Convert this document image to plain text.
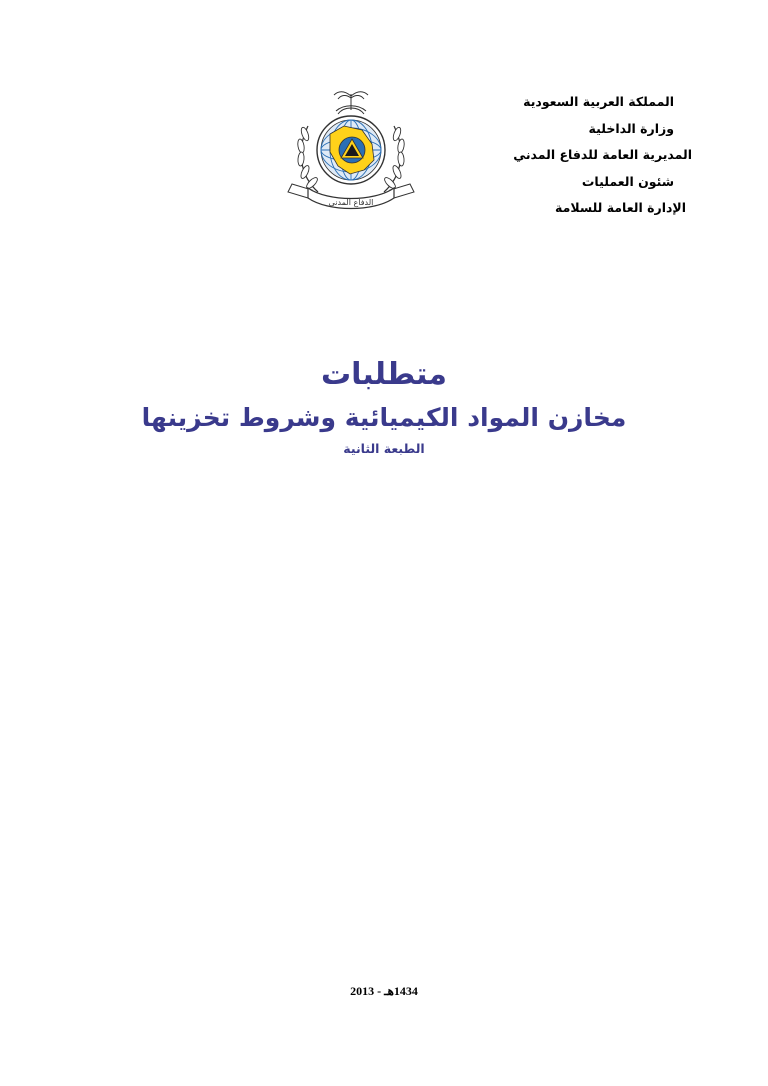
المملكة العربية السعودية
وزارة الداخلية
المديرية العامة للدفاع المدني
شئون العمليات
الإدارة العامة للسلامة
الدفاع المدني
متطلبات
مخازن المواد الكيميائية وشروط تخزينها
الطبعة الثانية
1434هـ - 2013
